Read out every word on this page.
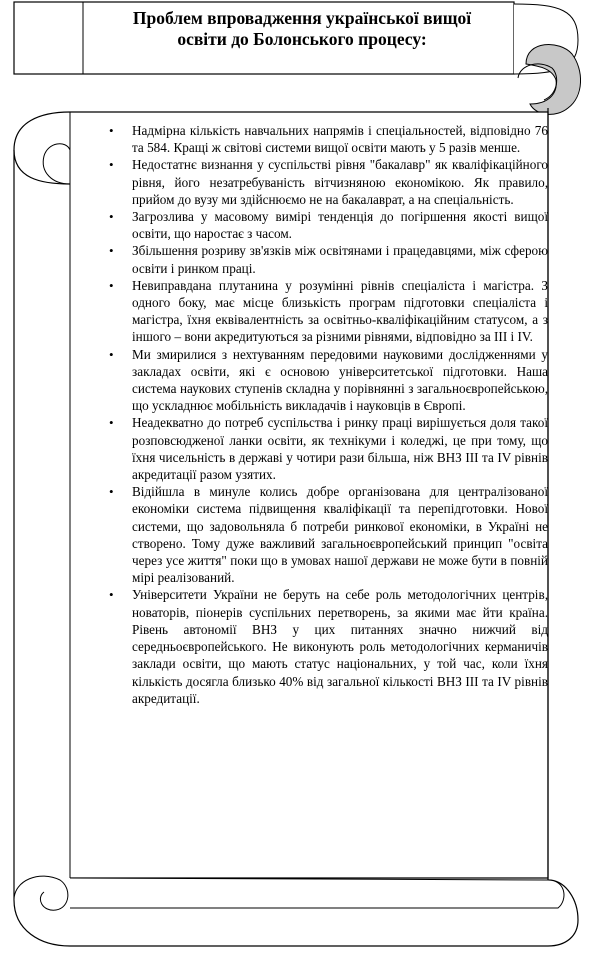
Проблем впровадження української вищої
освіти до Болонського процесу:
• Надмірна кількість навчальних напрямів і спеціальностей, відповідно 76 та 584. Кращі ж світові системи вищої освіти мають у 5 разів менше.
• Недостатнє визнання у суспільстві рівня "бакалавр" як кваліфікаційного рівня, його незатребуваність вітчизняною економікою. Як правило, прийом до вузу ми здійснюємо не на бакалаврат, а на спеціальність.
• Загрозлива у масовому вимірі тенденція до погіршення якості вищої освіти, що наростає з часом.
• Збільшення розриву зв'язків між освітянами і працедавцями, між сферою освіти і ринком праці.
• Невиправдана плутанина у розумінні рівнів спеціаліста і магістра. З одного боку, має місце близькість програм підготовки спеціаліста і магістра, їхня еквівалентність за освітньо-кваліфікаційним статусом, а з іншого – вони акредитуються за різними рівнями, відповідно за ІІІ і IV.
• Ми змирилися з нехтуванням передовими науковими дослідженнями у закладах освіти, які є основою університетської підготовки. Наша система наукових ступенів складна у порівнянні з загальноєвропейською, що ускладнює мобільність викладачів і науковців в Європі.
• Неадекватно до потреб суспільства і ринку праці вирішується доля такої розповсюдженої ланки освіти, як технікуми і коледжі, це при тому, що їхня чисельність в державі у чотири рази більша, ніж ВНЗ ІІІ та IV рівнів акредитації разом узятих.
• Відійшла в минуле колись добре організована для централізованої економіки система підвищення кваліфікації та перепідготовки. Нової системи, що задовольняла б потреби ринкової економіки, в Україні не створено. Тому дуже важливий загальноєвропейський принцип "освіта через усе життя" поки що в умовах нашої держави не може бути в повній мірі реалізований.
• Університети України не беруть на себе роль методологічних центрів, новаторів, піонерів суспільних перетворень, за якими має йти країна. Рівень автономії ВНЗ у цих питаннях значно нижчий від середньоєвропейського. Не виконують роль методологічних керманичів заклади освіти, що мають статус національних, у той час, коли їхня кількість досягла близько 40% від загальної кількості ВНЗ ІІІ та IV рівнів акредитації.
